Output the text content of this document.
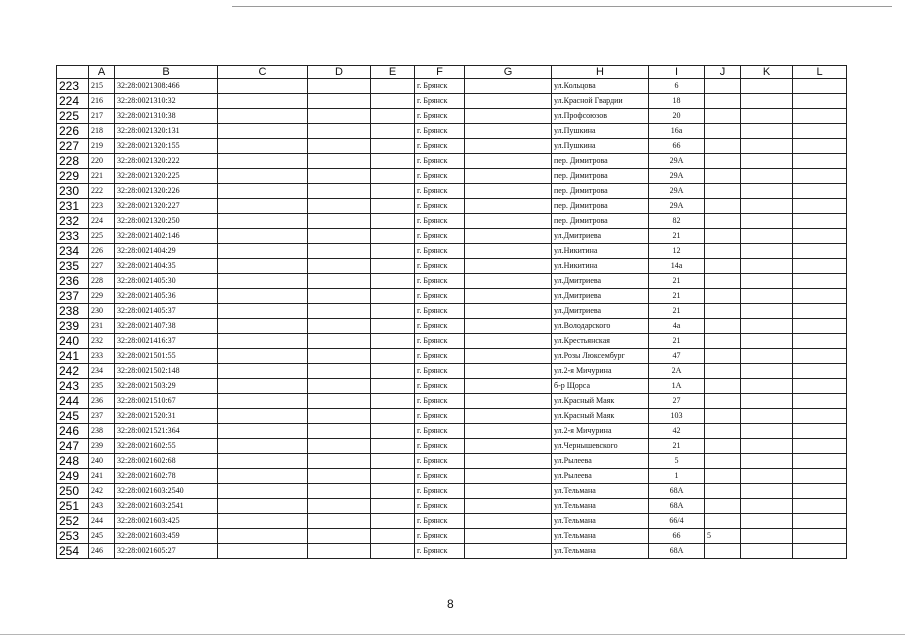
	A	B	C	D	E	F	G	H	I	J	K	L
223	215	32:28:0021308:466				г. Брянск		ул.Кольцова	6			
224	216	32:28:0021310:32				г. Брянск		ул.Красной Гвардии	18			
225	217	32:28:0021310:38				г. Брянск		ул.Профсоюзов	20			
226	218	32:28:0021320:131				г. Брянск		ул.Пушкина	16а			
227	219	32:28:0021320:155				г. Брянск		ул.Пушкина	66			
228	220	32:28:0021320:222				г. Брянск		пер. Димитрова	29А			
229	221	32:28:0021320:225				г. Брянск		пер. Димитрова	29А			
230	222	32:28:0021320:226				г. Брянск		пер. Димитрова	29А			
231	223	32:28:0021320:227				г. Брянск		пер. Димитрова	29А			
232	224	32:28:0021320:250				г. Брянск		пер. Димитрова	82			
233	225	32:28:0021402:146				г. Брянск		ул.Дмитриева	21			
234	226	32:28:0021404:29				г. Брянск		ул.Никитина	12			
235	227	32:28:0021404:35				г. Брянск		ул.Никитина	14а			
236	228	32:28:0021405:30				г. Брянск		ул.Дмитриева	21			
237	229	32:28:0021405:36				г. Брянск		ул.Дмитриева	21			
238	230	32:28:0021405:37				г. Брянск		ул.Дмитриева	21			
239	231	32:28:0021407:38				г. Брянск		ул.Володарского	4а			
240	232	32:28:0021416:37				г. Брянск		ул.Крестьянская	21			
241	233	32:28:0021501:55				г. Брянск		ул.Розы Люксембург	47			
242	234	32:28:0021502:148				г. Брянск		ул.2-я Мичурина	2А			
243	235	32:28:0021503:29				г. Брянск		б-р Щорса	1А			
244	236	32:28:0021510:67				г. Брянск		ул.Красный Маяк	27			
245	237	32:28:0021520:31				г. Брянск		ул.Красный Маяк	103			
246	238	32:28:0021521:364				г. Брянск		ул.2-я Мичурина	42			
247	239	32:28:0021602:55				г. Брянск		ул.Чернышевского	21			
248	240	32:28:0021602:68				г. Брянск		ул.Рылеева	5			
249	241	32:28:0021602:78				г. Брянск		ул.Рылеева	1			
250	242	32:28:0021603:2540				г. Брянск		ул.Тельмана	68А			
251	243	32:28:0021603:2541				г. Брянск		ул.Тельмана	68А			
252	244	32:28:0021603:425				г. Брянск		ул.Тельмана	66/4			
253	245	32:28:0021603:459				г. Брянск		ул.Тельмана	66	5		
254	246	32:28:0021605:27				г. Брянск		ул.Тельмана	68А			
8
